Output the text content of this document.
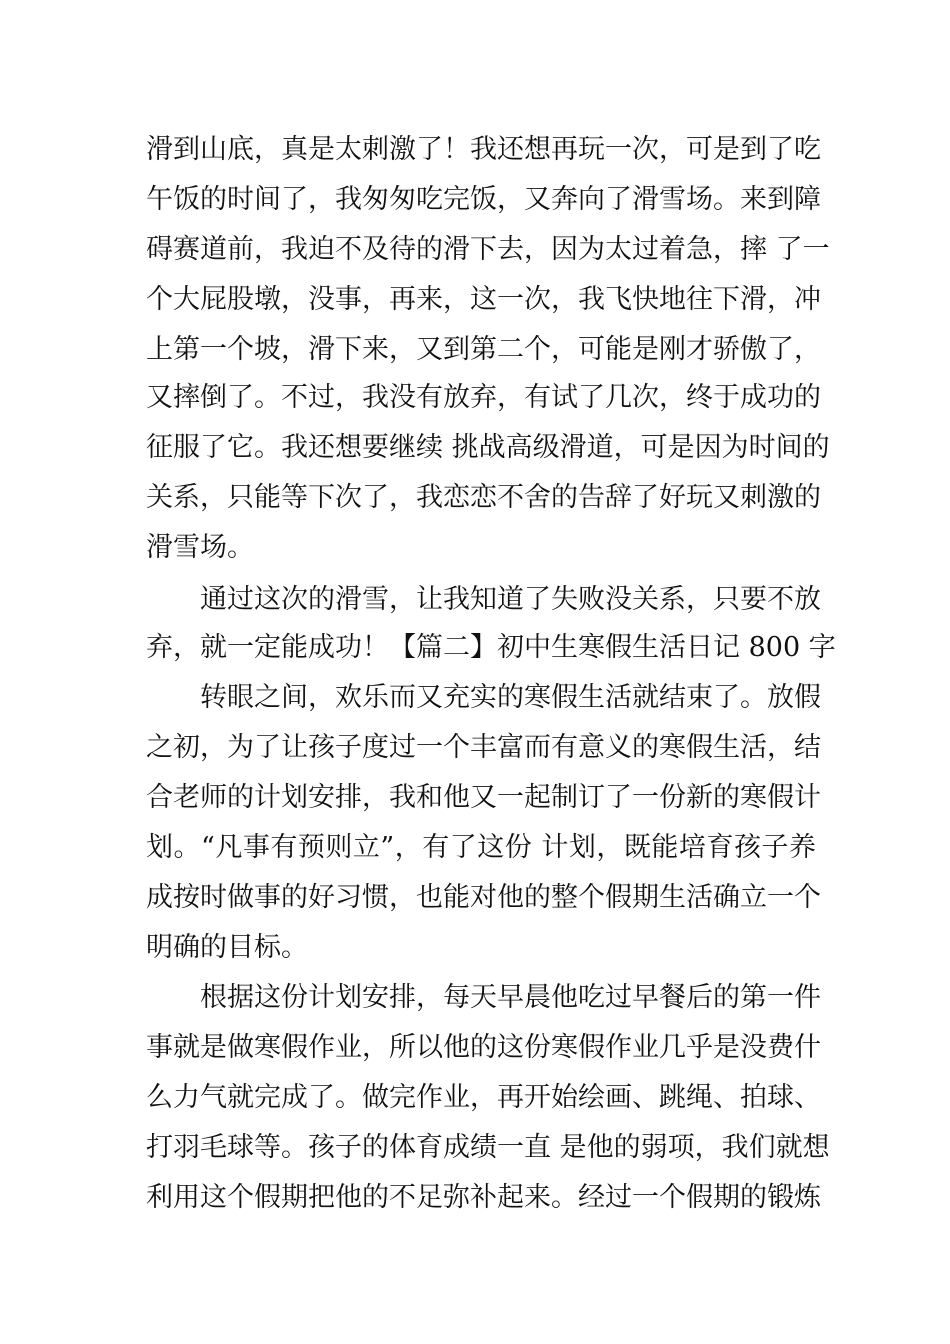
滑到山底，真是太刺激了！我还想再玩一次，可是到了吃
午饭的时间了，我匆匆吃完饭，又奔向了滑雪场。来到障
碍赛道前，我迫不及待的滑下去，因为太过着急，摔 了一
个大屁股墩，没事，再来，这一次，我飞快地往下滑，冲
上第一个坡，滑下来，又到第二个，可能是刚才骄傲了，
又摔倒了。不过，我没有放弃，有试了几次，终于成功的
征服了它。我还想要继续 挑战高级滑道，可是因为时间的
关系，只能等下次了，我恋恋不舍的告辞了好玩又刺激的
滑雪场。
通过这次的滑雪，让我知道了失败没关系，只要不放
弃，就一定能成功！【篇二】初中生寒假生活日记 800 字
转眼之间，欢乐而又充实的寒假生活就结束了。放假
之初，为了让孩子度过一个丰富而有意义的寒假生活，结
合老师的计划安排，我和他又一起制订了一份新的寒假计
划。“凡事有预则立”，有了这份 计划，既能培育孩子养
成按时做事的好习惯，也能对他的整个假期生活确立一个
明确的目标。
根据这份计划安排，每天早晨他吃过早餐后的第一件
事就是做寒假作业，所以他的这份寒假作业几乎是没费什
么力气就完成了。做完作业，再开始绘画、跳绳、拍球、
打羽毛球等。孩子的体育成绩一直 是他的弱项，我们就想
利用这个假期把他的不足弥补起来。经过一个假期的锻炼
